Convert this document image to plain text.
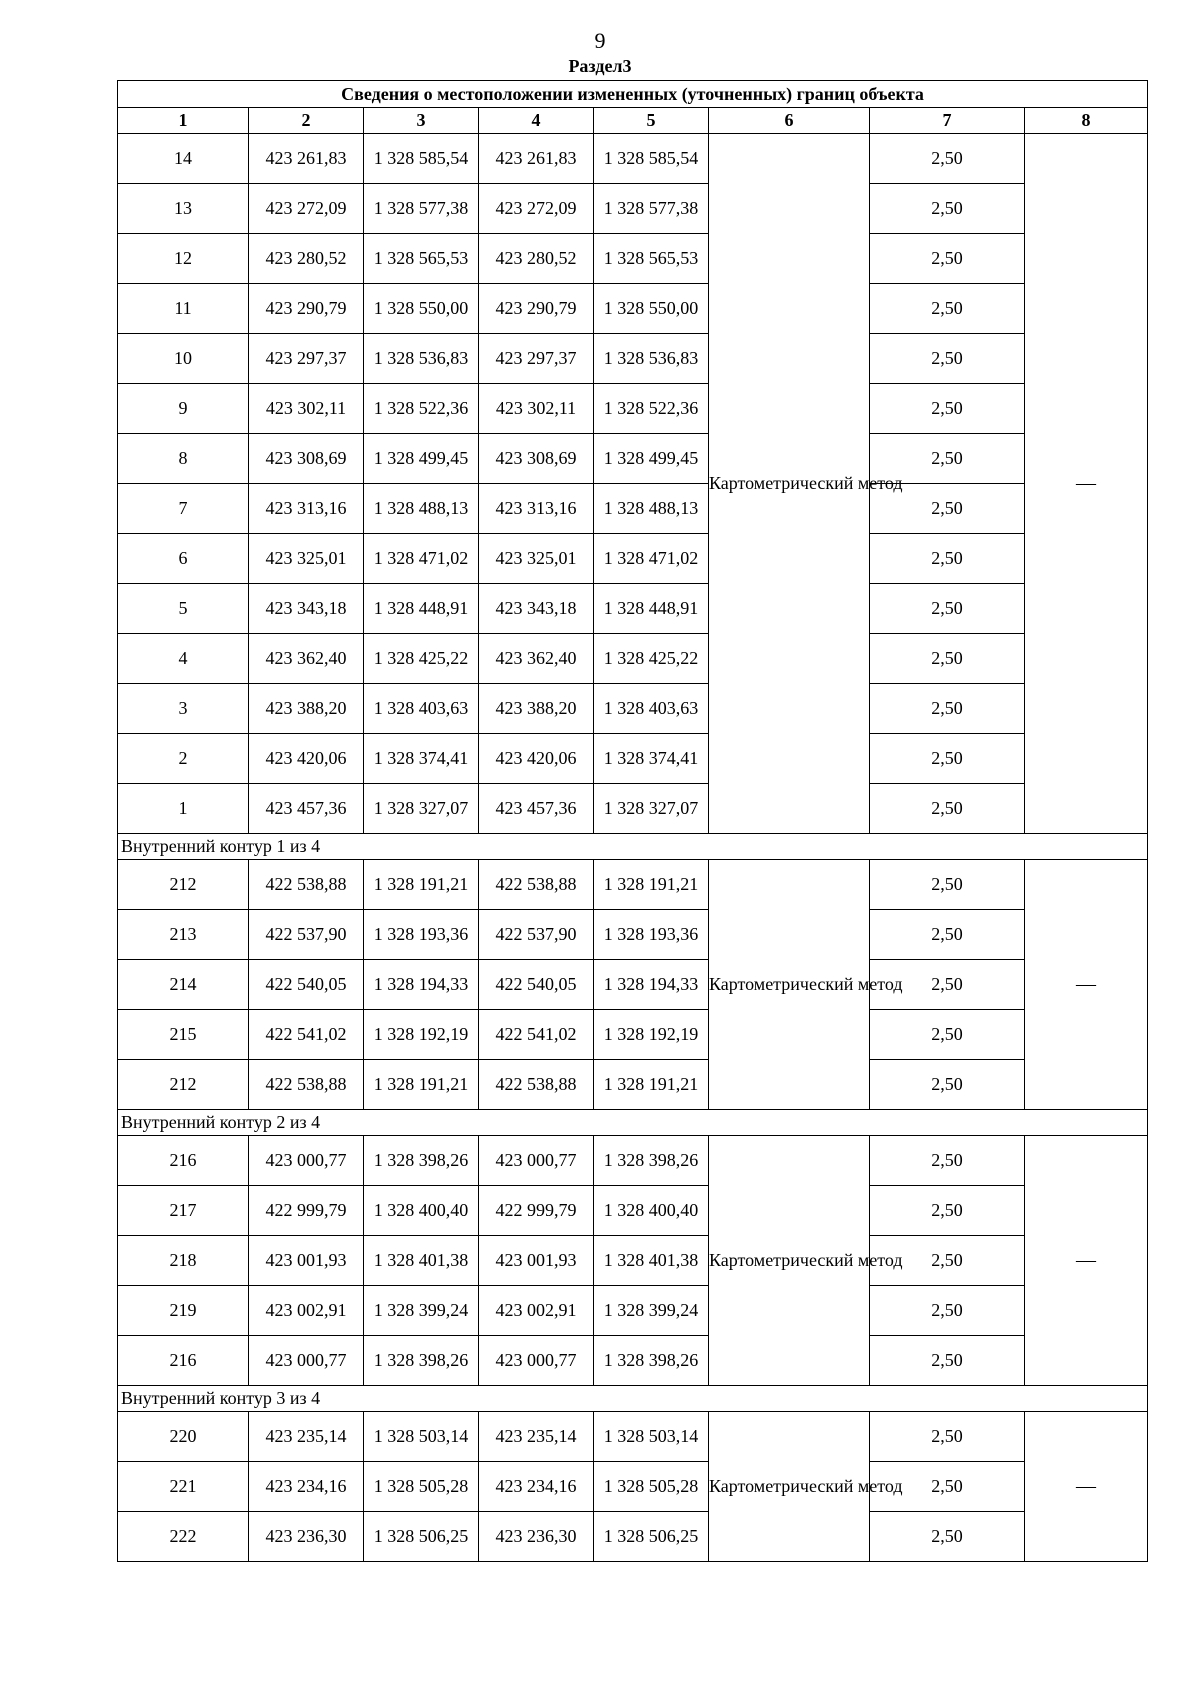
9
Раздел3
Сведения о местоположении измененных (уточненных) границ объекта							
1	2	3	4	5	6	7	8
14	423 261,83	1 328 585,54	423 261,83	1 328 585,54	Картометрический метод	2,50	—
13	423 272,09	1 328 577,38	423 272,09	1 328 577,38		2,50	
12	423 280,52	1 328 565,53	423 280,52	1 328 565,53		2,50	
11	423 290,79	1 328 550,00	423 290,79	1 328 550,00		2,50	
10	423 297,37	1 328 536,83	423 297,37	1 328 536,83		2,50	
9	423 302,11	1 328 522,36	423 302,11	1 328 522,36		2,50	
8	423 308,69	1 328 499,45	423 308,69	1 328 499,45		2,50	
7	423 313,16	1 328 488,13	423 313,16	1 328 488,13		2,50	
6	423 325,01	1 328 471,02	423 325,01	1 328 471,02		2,50	
5	423 343,18	1 328 448,91	423 343,18	1 328 448,91		2,50	
4	423 362,40	1 328 425,22	423 362,40	1 328 425,22		2,50	
3	423 388,20	1 328 403,63	423 388,20	1 328 403,63		2,50	
2	423 420,06	1 328 374,41	423 420,06	1 328 374,41		2,50	
1	423 457,36	1 328 327,07	423 457,36	1 328 327,07		2,50	
Внутренний контур 1 из 4							
212	422 538,88	1 328 191,21	422 538,88	1 328 191,21	Картометрический метод	2,50	—
213	422 537,90	1 328 193,36	422 537,90	1 328 193,36		2,50	
214	422 540,05	1 328 194,33	422 540,05	1 328 194,33		2,50	
215	422 541,02	1 328 192,19	422 541,02	1 328 192,19		2,50	
212	422 538,88	1 328 191,21	422 538,88	1 328 191,21		2,50	
Внутренний контур 2 из 4							
216	423 000,77	1 328 398,26	423 000,77	1 328 398,26	Картометрический метод	2,50	—
217	422 999,79	1 328 400,40	422 999,79	1 328 400,40		2,50	
218	423 001,93	1 328 401,38	423 001,93	1 328 401,38		2,50	
219	423 002,91	1 328 399,24	423 002,91	1 328 399,24		2,50	
216	423 000,77	1 328 398,26	423 000,77	1 328 398,26		2,50	
Внутренний контур 3 из 4							
220	423 235,14	1 328 503,14	423 235,14	1 328 503,14	Картометрический метод	2,50	—
221	423 234,16	1 328 505,28	423 234,16	1 328 505,28		2,50	
222	423 236,30	1 328 506,25	423 236,30	1 328 506,25		2,50	
